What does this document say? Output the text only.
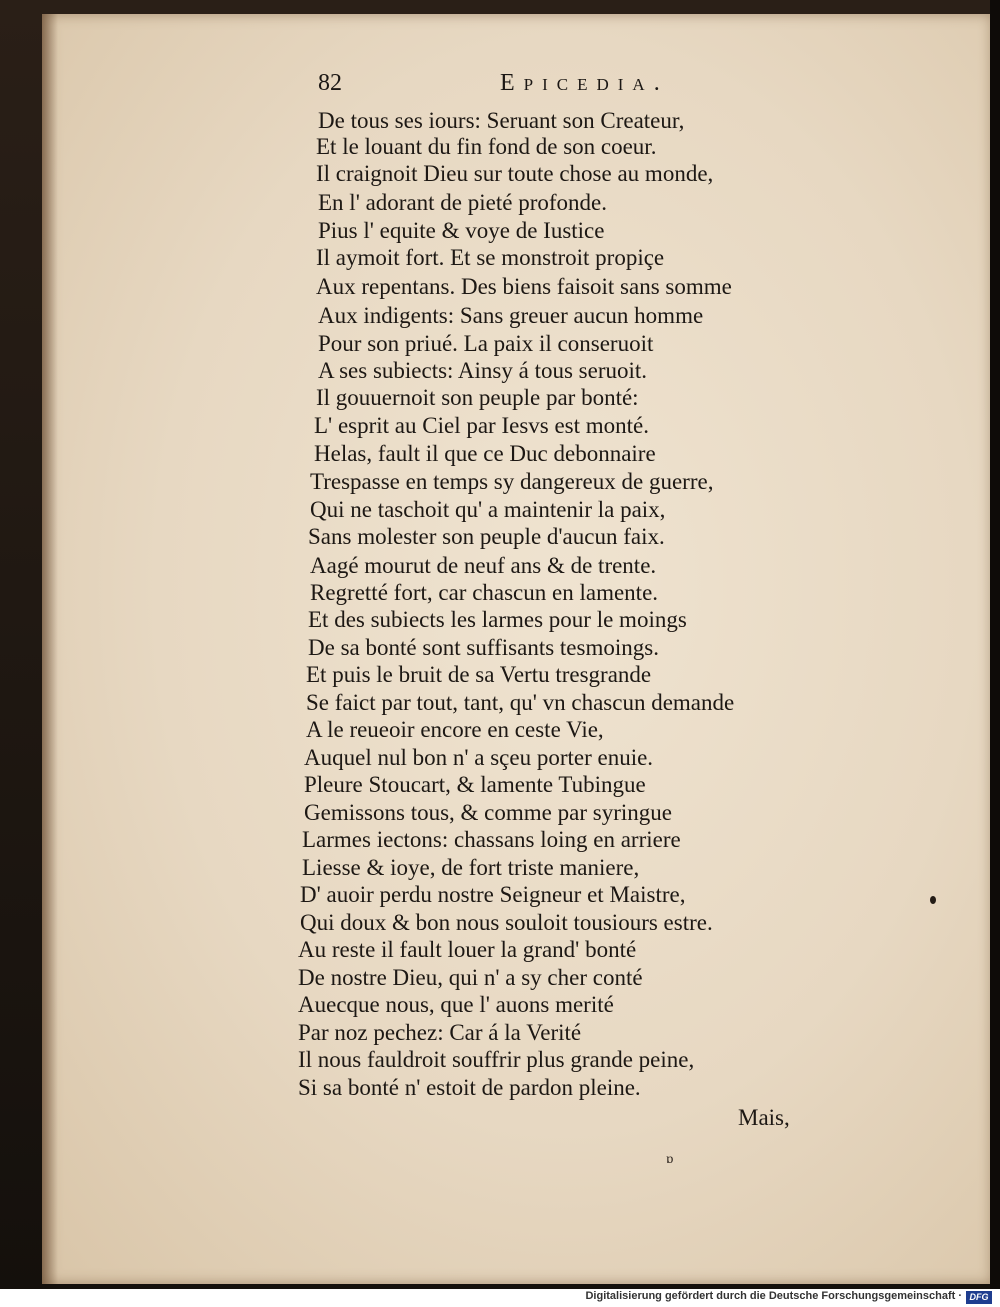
82	Epicedia.
De tous ses iours: Seruant son Createur,
Et le louant du fin fond de son coeur.
Il craignoit Dieu sur toute chose au monde,
En l' adorant de pieté profonde.
Pius l' equite & voye de Iustice
Il aymoit fort. Et se monstroit propiçe
Aux repentans. Des biens faisoit sans somme
Aux indigents: Sans greuer aucun homme
Pour son priué. La paix il conseruoit
A ses subiects: Ainsy á tous seruoit.
Il gouuernoit son peuple par bonté:
L' esprit au Ciel par Iesvs est monté.
Helas, fault il que ce Duc debonnaire
Trespasse en temps sy dangereux de guerre,
Qui ne taschoit qu' a maintenir la paix,
Sans molester son peuple d'aucun faix.
Aagé mourut de neuf ans & de trente.
Regretté fort, car chascun en lamente.
Et des subiects les larmes pour le moings
De sa bonté sont suffisants tesmoings.
Et puis le bruit de sa Vertu tresgrande
Se faict par tout, tant, qu' vn chascun demande
A le reueoir encore en ceste Vie,
Auquel nul bon n' a sçeu porter enuie.
Pleure Stoucart, & lamente Tubingue
Gemissons tous, & comme par syringue
Larmes iectons: chassans loing en arriere
Liesse & ioye, de fort triste maniere,
D' auoir perdu nostre Seigneur et Maistre,
Qui doux & bon nous souloit tousiours estre.
Au reste il fault louer la grand' bonté
De nostre Dieu, qui n' a sy cher conté
Auecque nous, que l' auons merité
Par noz pechez: Car á la Verité
Il nous fauldroit souffrir plus grande peine,
Si sa bonté n' estoit de pardon pleine.
Mais,
ɒ
Digitalisierung gefördert durch die Deutsche Forschungsgemeinschaft · DFG
